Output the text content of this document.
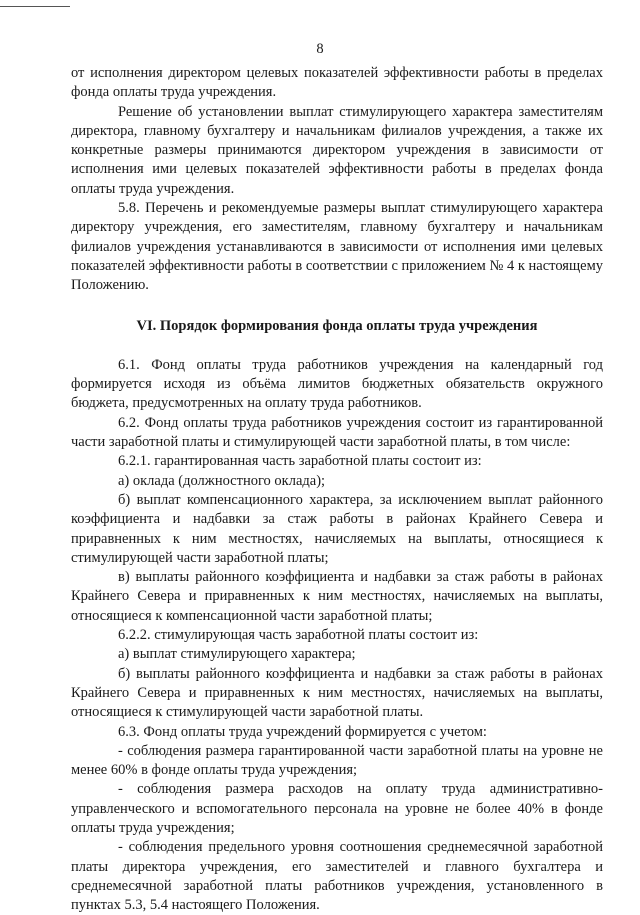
8

от исполнения директором целевых показателей эффективности работы в пределах фонда оплаты труда учреждения.

Решение об установлении выплат стимулирующего характера заместителям директора, главному бухгалтеру и начальникам филиалов учреждения, а также их конкретные размеры принимаются директором учреждения в зависимости от исполнения ими целевых показателей эффективности работы в пределах фонда оплаты труда учреждения.

5.8. Перечень и рекомендуемые размеры выплат стимулирующего характера директору учреждения, его заместителям, главному бухгалтеру и начальникам филиалов учреждения устанавливаются в зависимости от исполнения ими целевых показателей эффективности работы в соответствии с приложением № 4 к настоящему Положению.

VI. Порядок формирования фонда оплаты труда учреждения

6.1. Фонд оплаты труда работников учреждения на календарный год формируется исходя из объёма лимитов бюджетных обязательств окружного бюджета, предусмотренных на оплату труда работников.

6.2. Фонд оплаты труда работников учреждения состоит из гарантированной части заработной платы и стимулирующей части заработной платы, в том числе:

6.2.1. гарантированная часть заработной платы состоит из:

а) оклада (должностного оклада);

б) выплат компенсационного характера, за исключением выплат районного коэффициента и надбавки за стаж работы в районах Крайнего Севера и приравненных к ним местностях, начисляемых на выплаты, относящиеся к стимулирующей части заработной платы;

в) выплаты районного коэффициента и надбавки за стаж работы в районах Крайнего Севера и приравненных к ним местностях, начисляемых на выплаты, относящиеся к компенсационной части заработной платы;

6.2.2. стимулирующая часть заработной платы состоит из:

а) выплат стимулирующего характера;

б) выплаты районного коэффициента и надбавки за стаж работы в районах Крайнего Севера и приравненных к ним местностях, начисляемых на выплаты, относящиеся к стимулирующей части заработной платы.

6.3. Фонд оплаты труда учреждений формируется с учетом:

- соблюдения размера гарантированной части заработной платы на уровне не менее 60% в фонде оплаты труда учреждения;

- соблюдения размера расходов на оплату труда административно-управленческого и вспомогательного персонала на уровне не более 40% в фонде оплаты труда учреждения;

- соблюдения предельного уровня соотношения среднемесячной заработной платы директора учреждения, его заместителей и главного бухгалтера и среднемесячной заработной платы работников учреждения, установленного в пунктах 5.3, 5.4 настоящего Положения.
